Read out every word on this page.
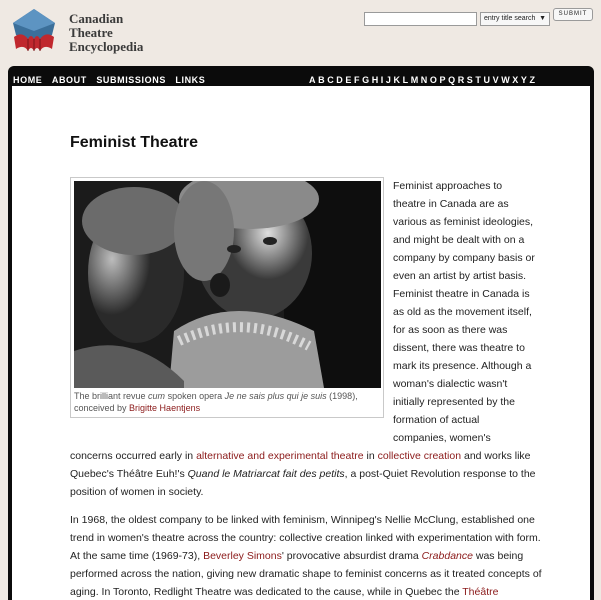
Canadian
Theatre
Encyclopedia
entry title search ▼
SUBMIT
HOME ABOUT SUBMISSIONS LINKS	A B C D E F G H I J K L M N O P Q R S T U V W X Y Z
Feminist Theatre
The brilliant revue cum spoken opera Je ne sais plus qui je suis (1998),
conceived by Brigitte Haentjens
Feminist approaches to
theatre in Canada are as
various as feminist ideologies,
and might be dealt with on a
company by company basis or
even an artist by artist basis.
Feminist theatre in Canada is
as old as the movement itself,
for as soon as there was
dissent, there was theatre to
mark its presence. Although a
woman's dialectic wasn't
initially represented by the
formation of actual
companies, women's

concerns occurred early in alternative and experimental theatre in collective creation and works like
Quebec's Théâtre Euh!'s Quand le Matriarcat fait des petits, a post-Quiet Revolution response to the
position of women in society.

In 1968, the oldest company to be linked with feminism, Winnipeg's Nellie McClung, established one
trend in women's theatre across the country: collective creation linked with experimentation with form.
At the same time (1969-73), Beverley Simons' provocative absurdist drama Crabdance was being
performed across the nation, giving new dramatic shape to feminist concerns as it treated concepts of
aging. In Toronto, Redlight Theatre was dedicated to the cause, while in Quebec the Théâtre
